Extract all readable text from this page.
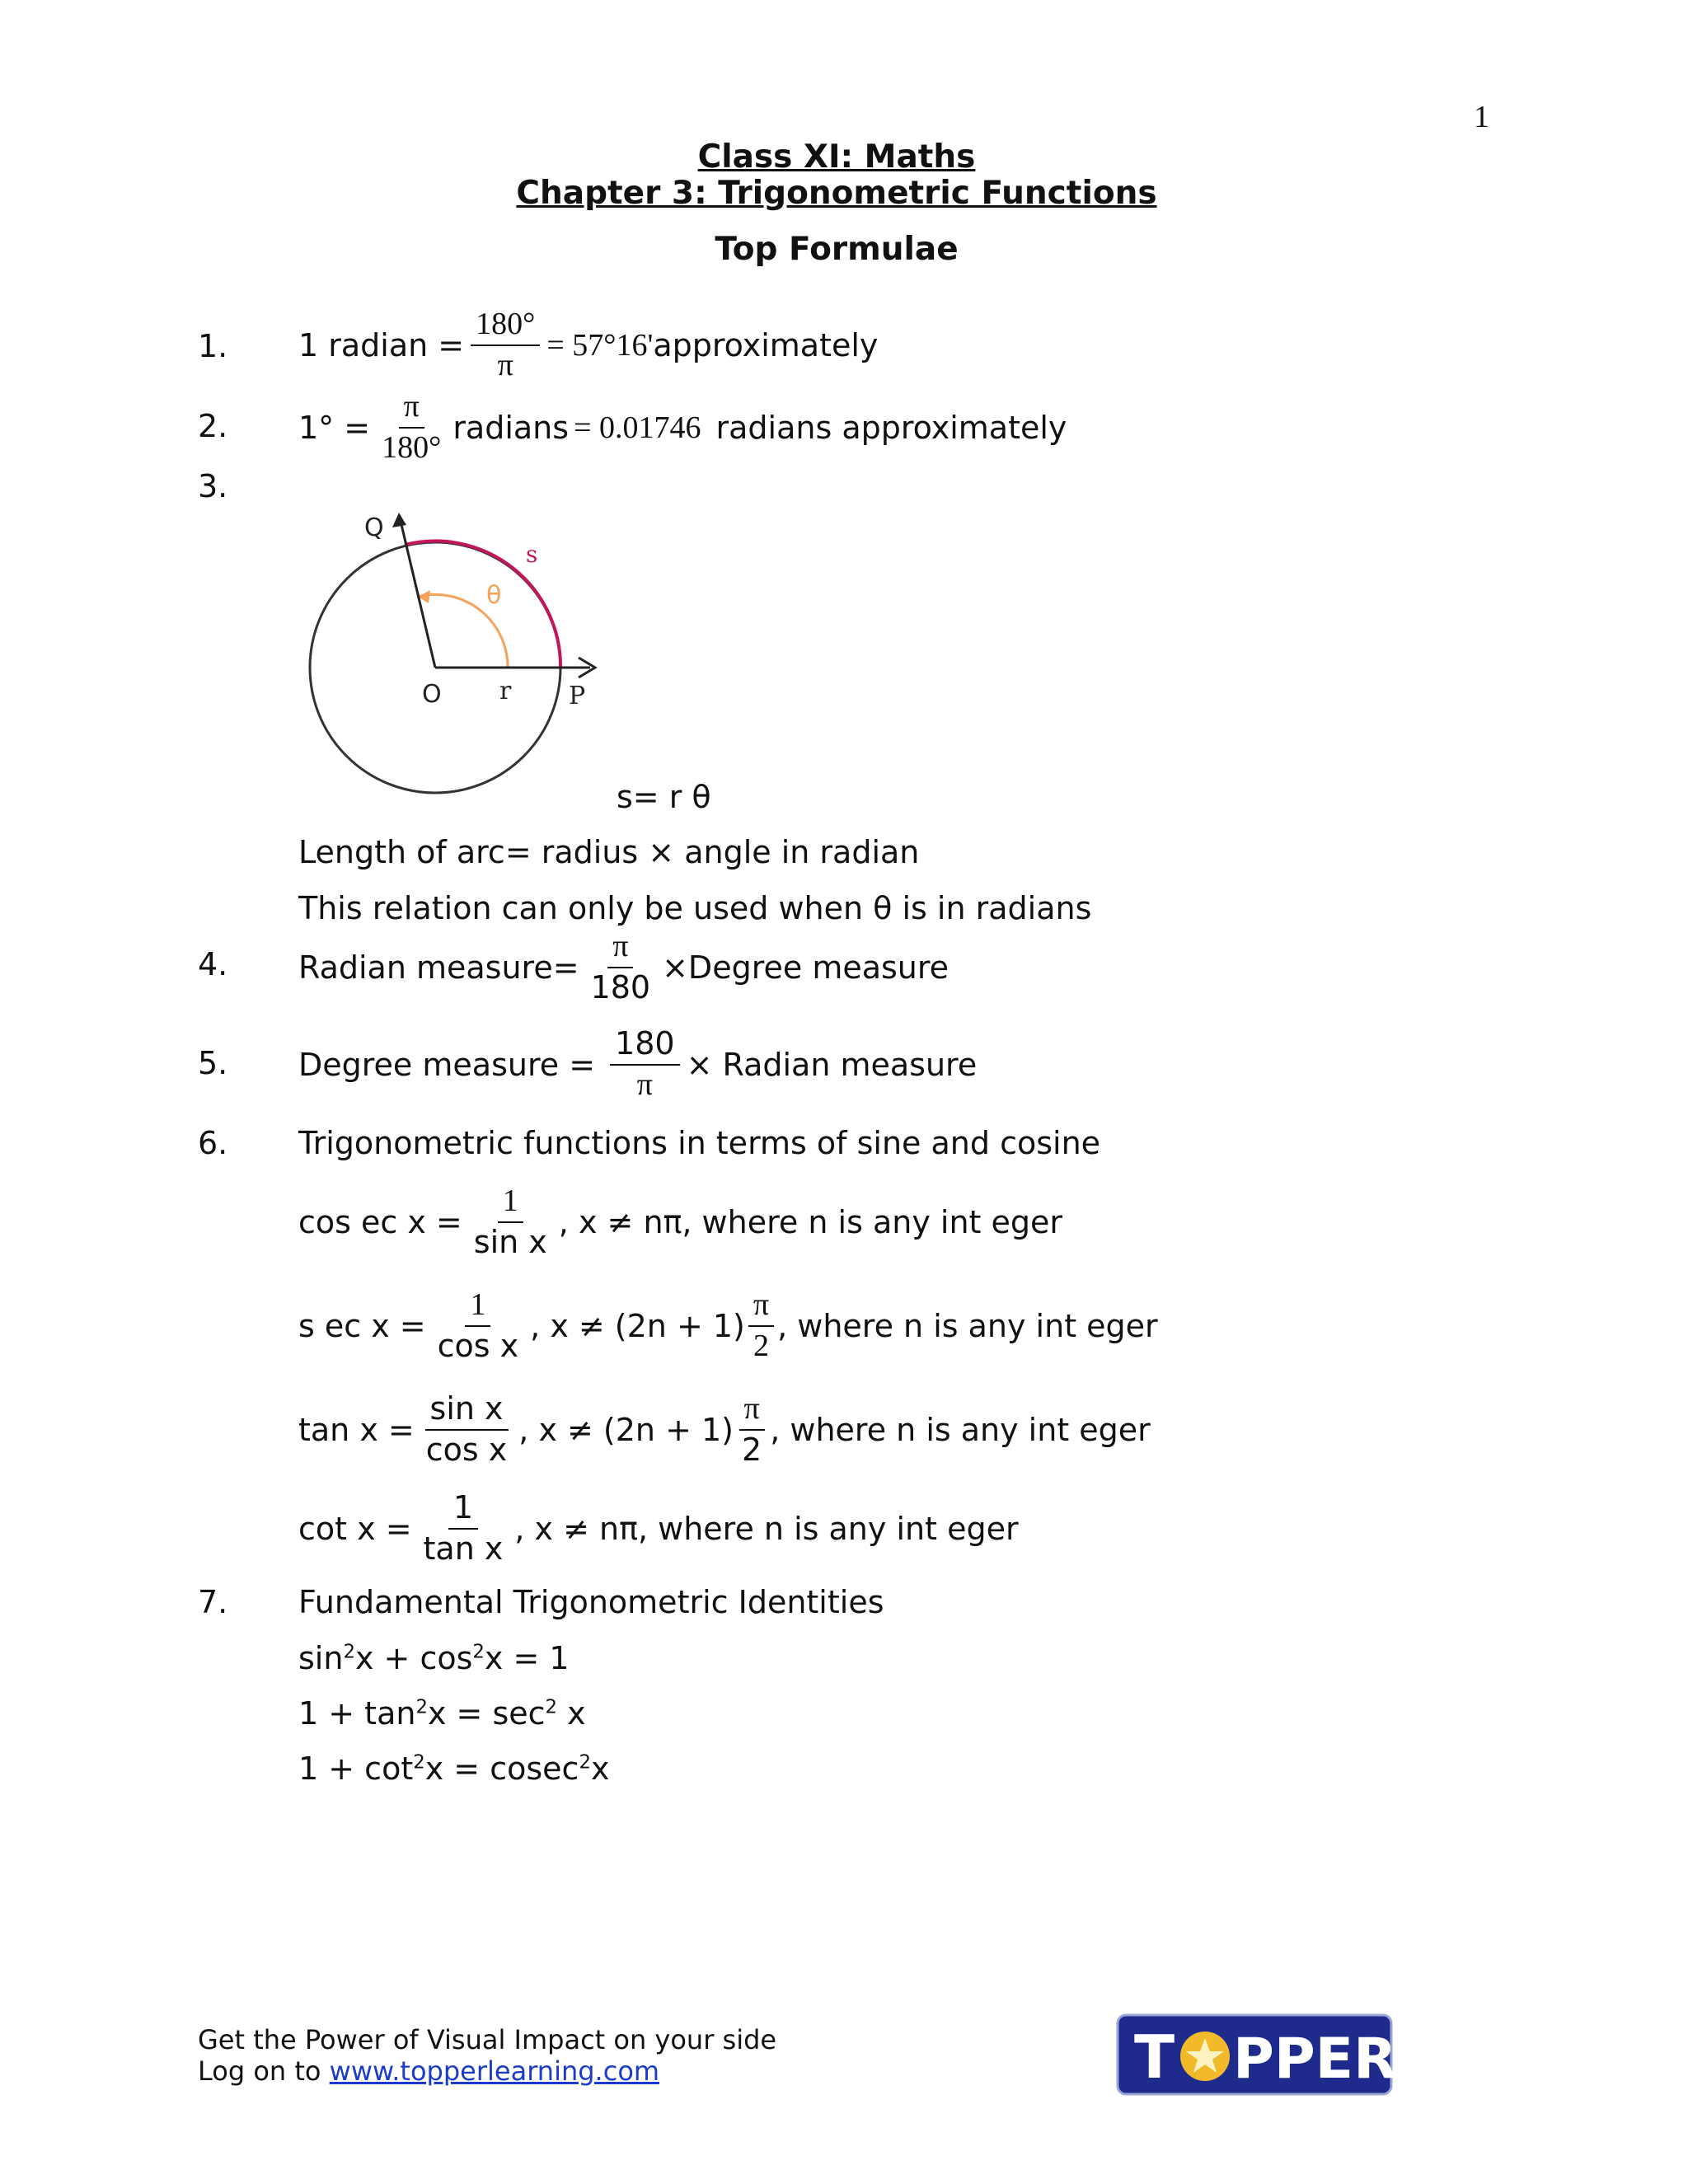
1
Class XI: Maths
Chapter 3: Trigonometric Functions
Top Formulae
1. 1 radian = $\frac{180^\circ}{\pi} = 57^\circ 16'$ approximately
2. $1^\circ = \frac{\pi}{180^\circ}$ radians = 0.01746 radians approximately
3.
Q
s
θ
O r P
s= r θ
Length of arc= radius × angle in radian
This relation can only be used when θ is in radians
4. Radian measure= $\frac{\pi}{180}$ ×Degree measure
5. Degree measure = $\frac{180}{\pi}$ × Radian measure
6. Trigonometric functions in terms of sine and cosine
cos ec $x = \frac{1}{\text{sin x}}$ , x ≠ nπ, where n is any int eger
s ec $x = \frac{1}{\text{cos x}}$ , $x \ne (2n + 1) \frac{\pi}{2}$ , where n is any int eger
$\tan x = \frac{\text{sin x}}{\text{cos x}}$ , $x \ne (2n + 1) \frac{\pi}{2}$ , where n is any int eger
$\cot x = \frac{1}{\text{tan x}}$ , x ≠ nπ, where n is any int eger
7. Fundamental Trigonometric Identities
$\sin^2x + \cos^2x = 1$
$1 + \tan^2x = \sec^2 x$
$1 + \cot^2x = cosec^2x$
Get the Power of Visual Impact on your side
Log on to www.topperlearning.com	T PPER
